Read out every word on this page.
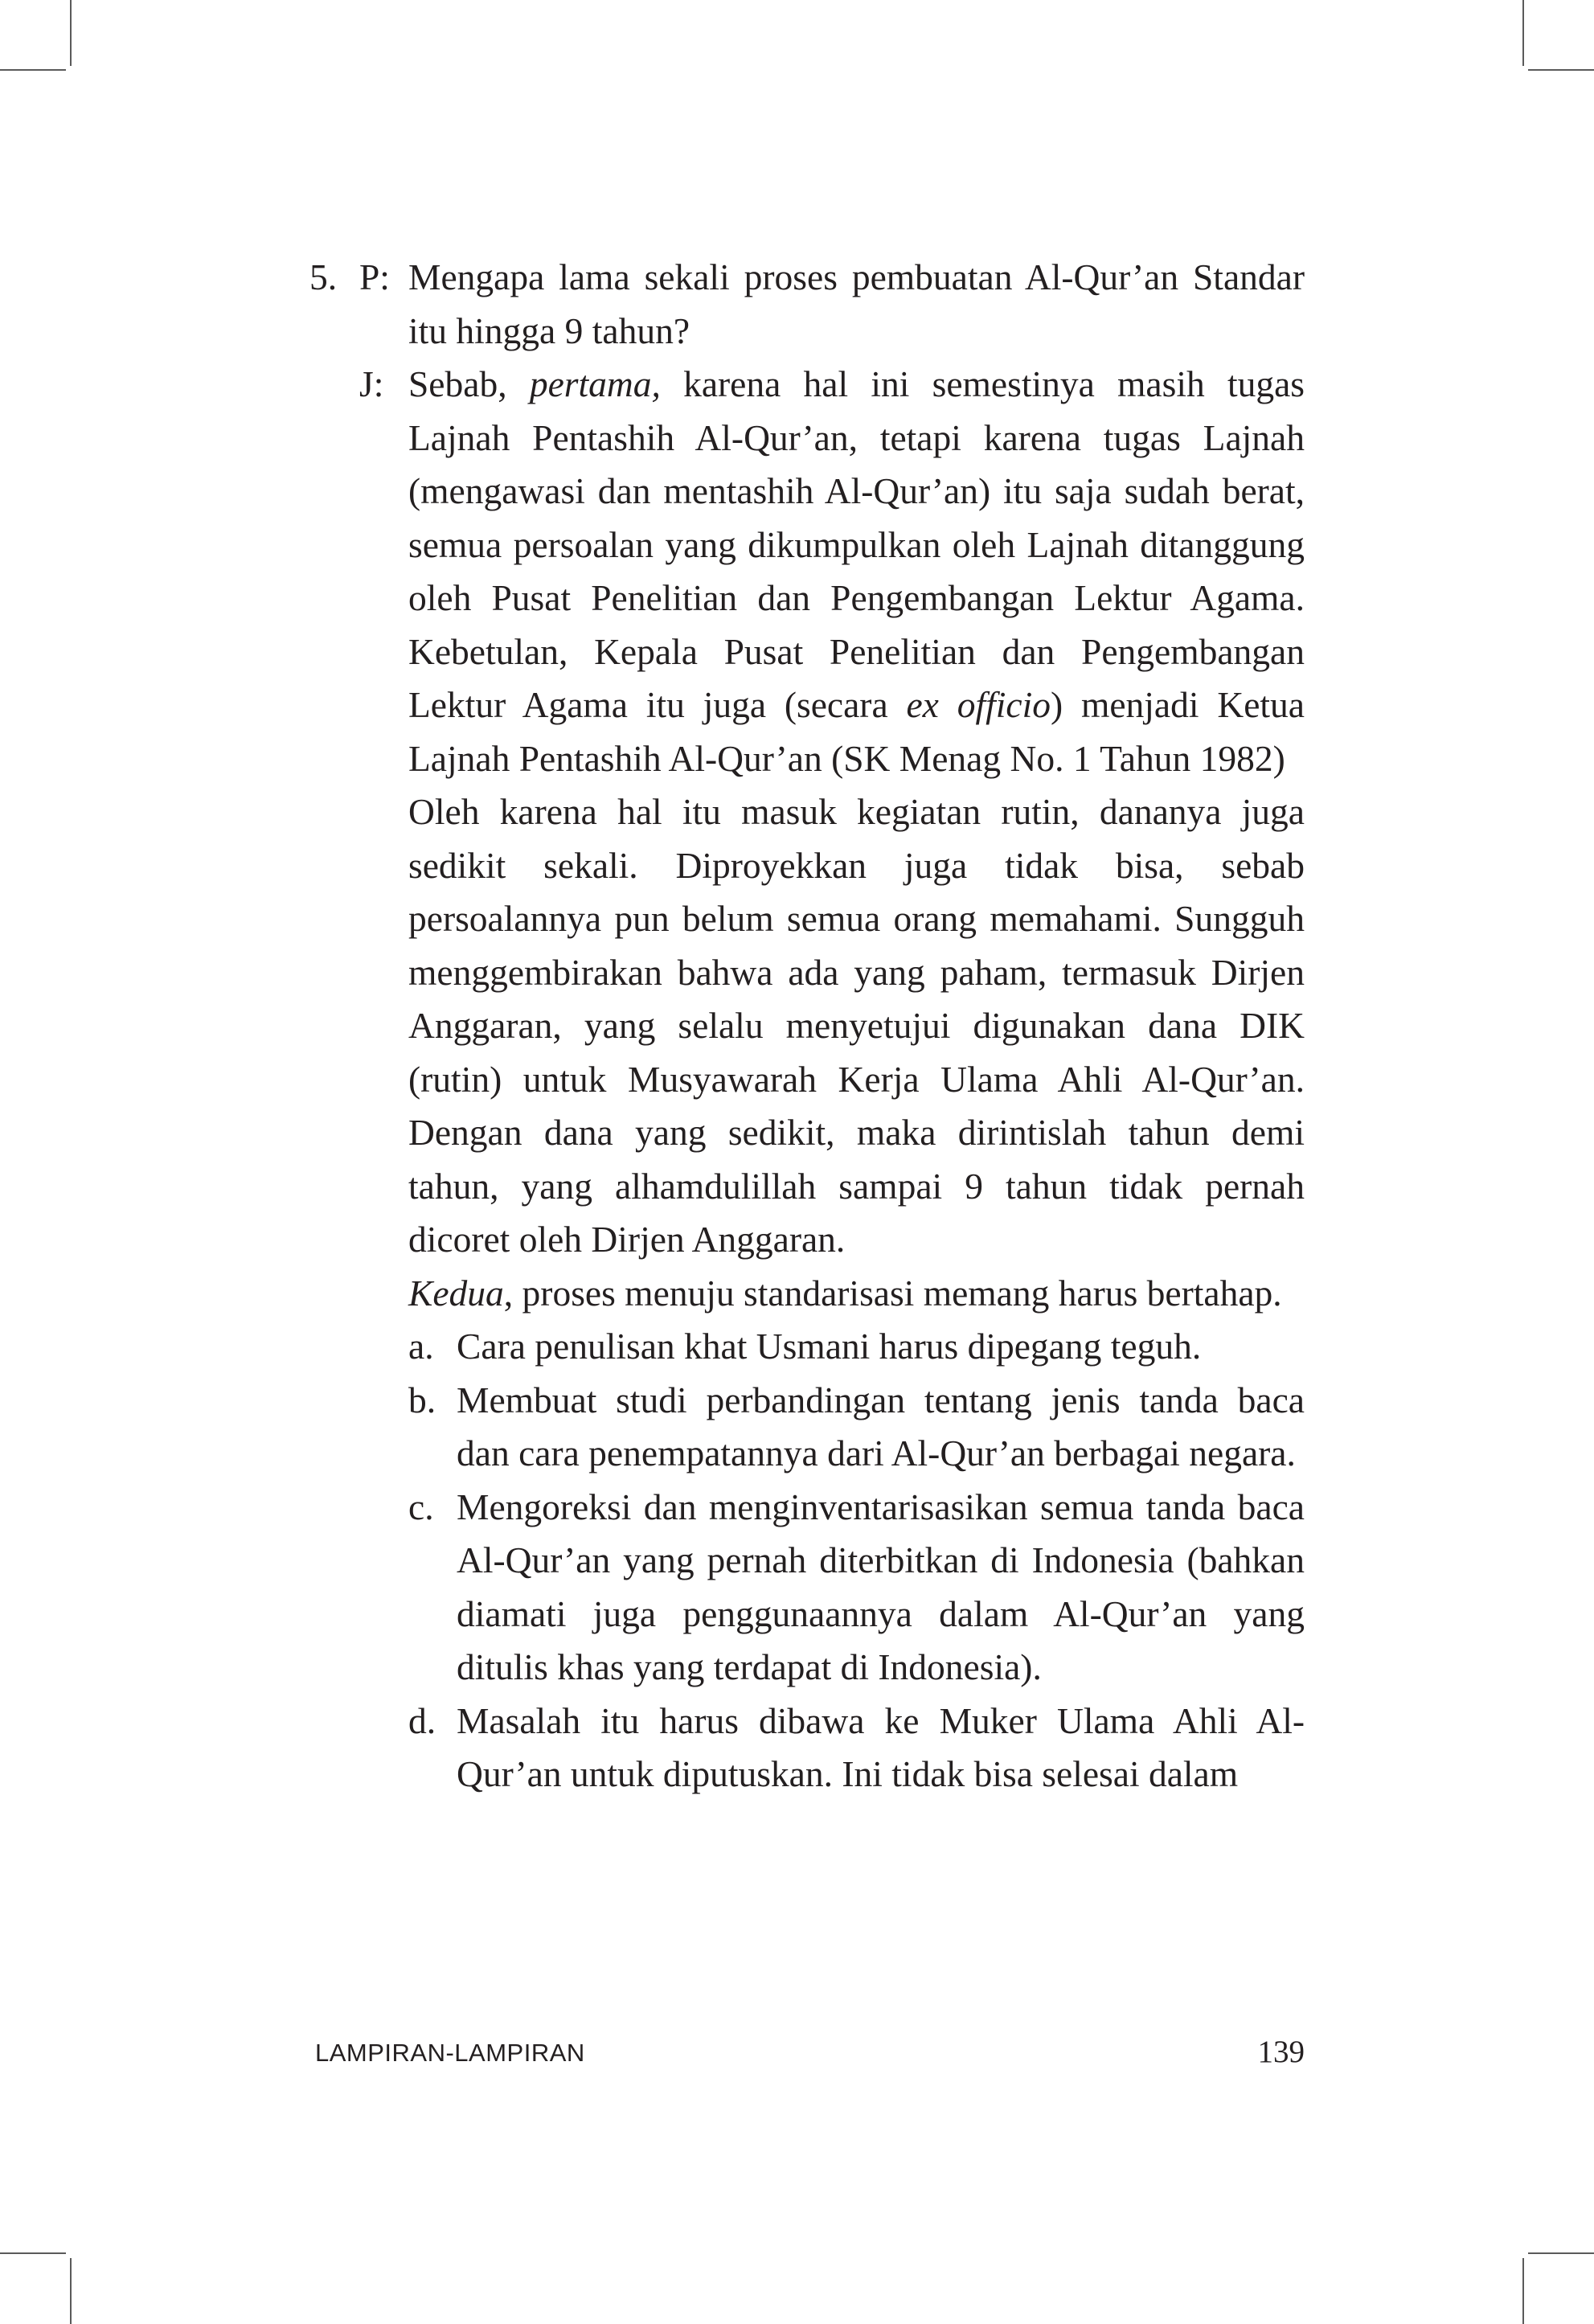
5. P: Mengapa lama sekali proses pembuatan Al-Qur’an Standar itu hingga 9 tahun?

J: Sebab, pertama, karena hal ini semestinya masih tugas Lajnah Pentashih Al-Qur’an, tetapi karena tugas Lajnah (mengawasi dan mentashih Al-Qur’an) itu saja sudah berat, semua persoalan yang dikumpulkan oleh Lajnah ditanggung oleh Pusat Penelitian dan Pengembangan Lektur Agama. Kebetulan, Kepala Pusat Penelitian dan Pengembangan Lektur Agama itu juga (secara ex officio) menjadi Ketua Lajnah Pentashih Al-Qur’an (SK Menag No. 1 Tahun 1982)

Oleh karena hal itu masuk kegiatan rutin, dananya juga sedikit sekali. Diproyekkan juga tidak bisa, sebab persoalannya pun belum semua orang memahami. Sungguh menggembirakan bahwa ada yang paham, termasuk Dirjen Anggaran, yang selalu menyetujui digunakan dana DIK (rutin) untuk Musyawarah Kerja Ulama Ahli Al-Qur’an. Dengan dana yang sedikit, maka dirintislah tahun demi tahun, yang alhamdulillah sampai 9 tahun tidak pernah dicoret oleh Dirjen Anggaran.

Kedua, proses menuju standarisasi memang harus bertahap.

a. Cara penulisan khat Usmani harus dipegang teguh.
b. Membuat studi perbandingan tentang jenis tanda baca dan cara penempatannya dari Al-Qur’an berbagai negara.
c. Mengoreksi dan menginventarisasikan semua tanda baca Al-Qur’an yang pernah diterbitkan di Indonesia (bahkan diamati juga penggunaannya dalam Al-Qur’an yang ditulis khas yang terdapat di Indonesia).
d. Masalah itu harus dibawa ke Muker Ulama Ahli Al-Qur’an untuk diputuskan. Ini tidak bisa selesai dalam
LAMPIRAN-LAMPIRAN	139
